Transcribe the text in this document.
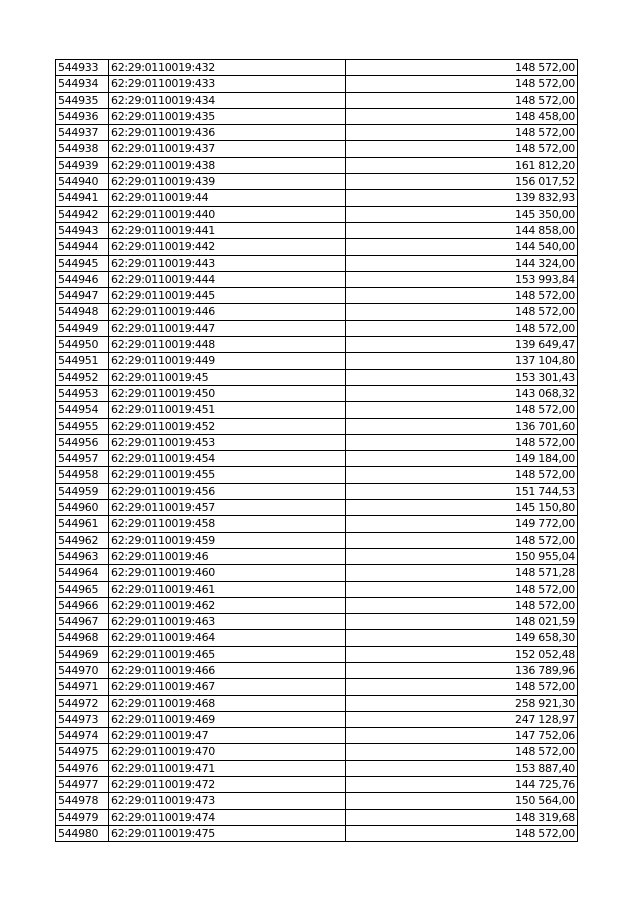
544933	62:29:0110019:432	148 572,00
544934	62:29:0110019:433	148 572,00
544935	62:29:0110019:434	148 572,00
544936	62:29:0110019:435	148 458,00
544937	62:29:0110019:436	148 572,00
544938	62:29:0110019:437	148 572,00
544939	62:29:0110019:438	161 812,20
544940	62:29:0110019:439	156 017,52
544941	62:29:0110019:44	139 832,93
544942	62:29:0110019:440	145 350,00
544943	62:29:0110019:441	144 858,00
544944	62:29:0110019:442	144 540,00
544945	62:29:0110019:443	144 324,00
544946	62:29:0110019:444	153 993,84
544947	62:29:0110019:445	148 572,00
544948	62:29:0110019:446	148 572,00
544949	62:29:0110019:447	148 572,00
544950	62:29:0110019:448	139 649,47
544951	62:29:0110019:449	137 104,80
544952	62:29:0110019:45	153 301,43
544953	62:29:0110019:450	143 068,32
544954	62:29:0110019:451	148 572,00
544955	62:29:0110019:452	136 701,60
544956	62:29:0110019:453	148 572,00
544957	62:29:0110019:454	149 184,00
544958	62:29:0110019:455	148 572,00
544959	62:29:0110019:456	151 744,53
544960	62:29:0110019:457	145 150,80
544961	62:29:0110019:458	149 772,00
544962	62:29:0110019:459	148 572,00
544963	62:29:0110019:46	150 955,04
544964	62:29:0110019:460	148 571,28
544965	62:29:0110019:461	148 572,00
544966	62:29:0110019:462	148 572,00
544967	62:29:0110019:463	148 021,59
544968	62:29:0110019:464	149 658,30
544969	62:29:0110019:465	152 052,48
544970	62:29:0110019:466	136 789,96
544971	62:29:0110019:467	148 572,00
544972	62:29:0110019:468	258 921,30
544973	62:29:0110019:469	247 128,97
544974	62:29:0110019:47	147 752,06
544975	62:29:0110019:470	148 572,00
544976	62:29:0110019:471	153 887,40
544977	62:29:0110019:472	144 725,76
544978	62:29:0110019:473	150 564,00
544979	62:29:0110019:474	148 319,68
544980	62:29:0110019:475	148 572,00
